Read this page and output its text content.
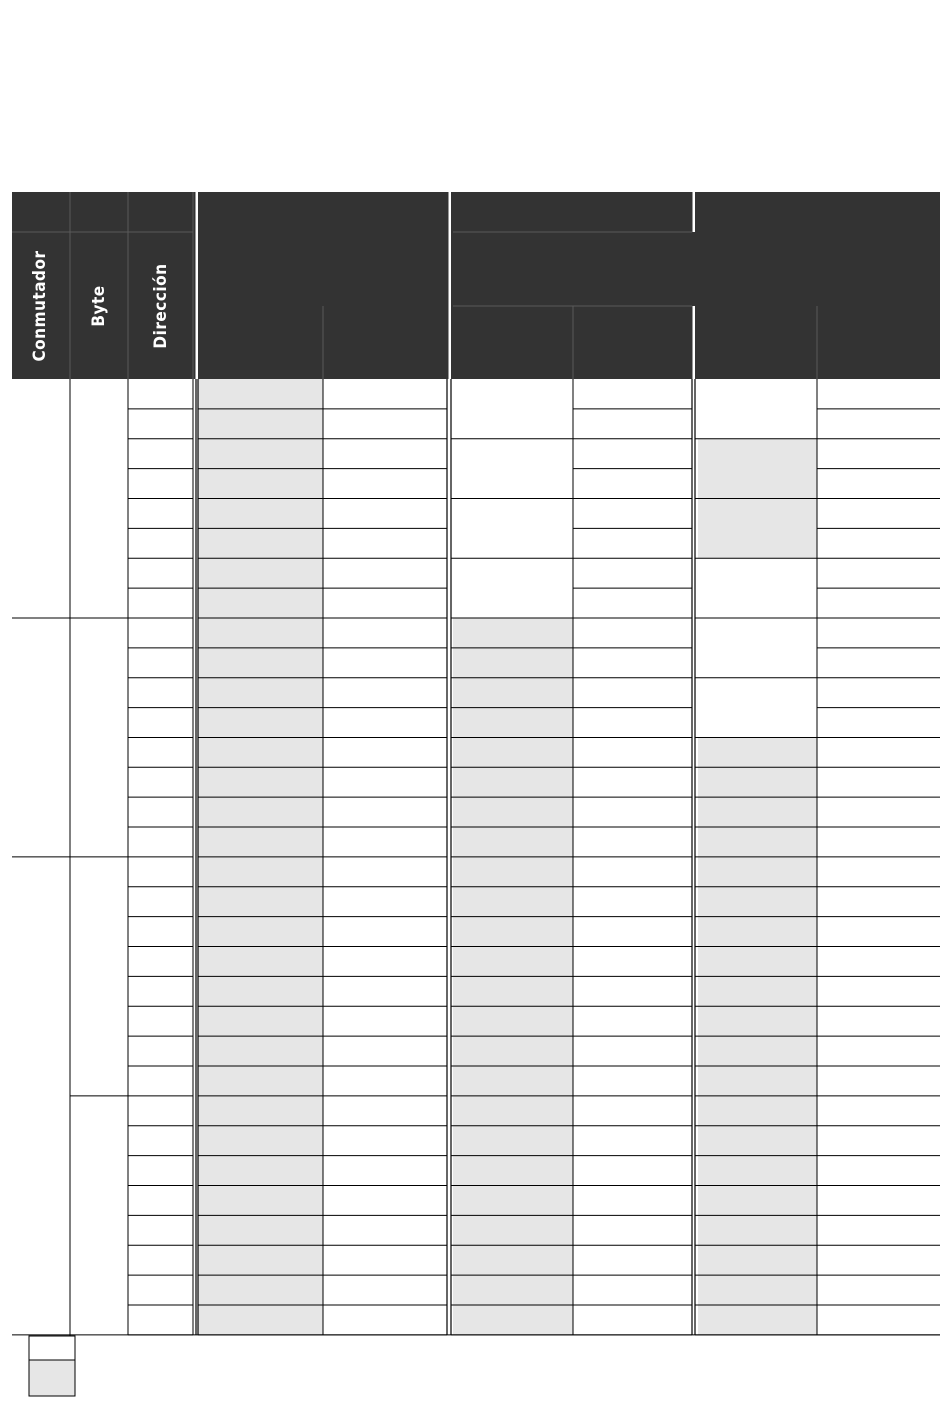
Conmutador Byte Dirección
